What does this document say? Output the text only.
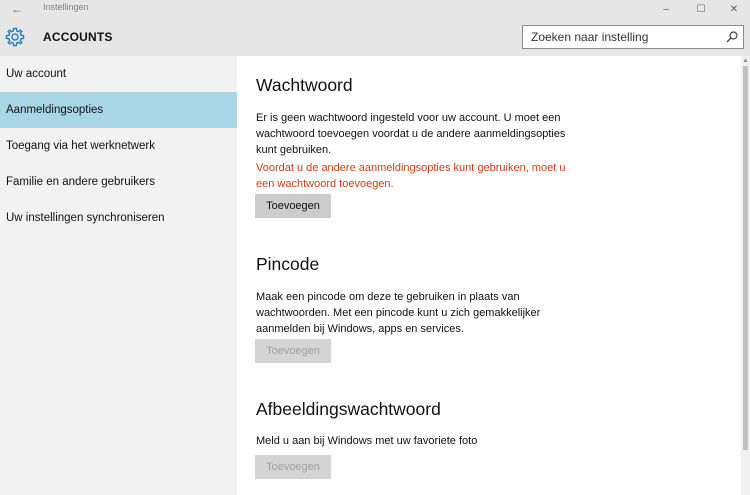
← Instellingen	–	☐ ✕
ACCOUNTS
Zoeken naar instelling
Uw account
Aanmeldingsopties
Toegang via het werknetwerk
Familie en andere gebruikers
Uw instellingen synchroniseren
Wachtwoord
Er is geen wachtwoord ingesteld voor uw account. U moet een wachtwoord toevoegen voordat u de andere aanmeldingsopties kunt gebruiken.
Voordat u de andere aanmeldingsopties kunt gebruiken, moet u een wachtwoord toevoegen.
Toevoegen
Pincode
Maak een pincode om deze te gebruiken in plaats van wachtwoorden. Met een pincode kunt u zich gemakkelijker aanmelden bij Windows, apps en services.
Toevoegen
Afbeeldingswachtwoord
Meld u aan bij Windows met uw favoriete foto
Toevoegen
▲
